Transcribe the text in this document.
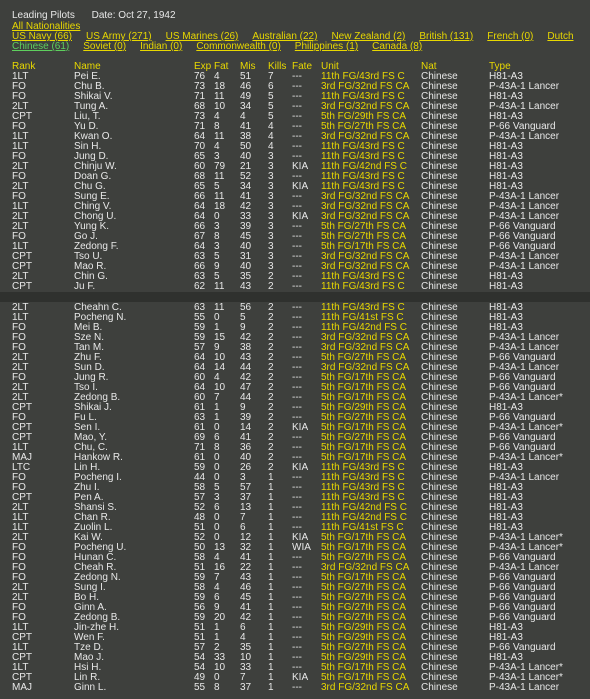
Leading Pilots Date: Oct 27, 1942
All Nationalities
US Navy (66) US Army (271) US Marines (26) Australian (22) New Zealand (2) British (131) French (0) Dutch
Chinese (61) Soviet (0) Indian (0) Commonwealth (0) Philippines (1) Canada (8)
Rank	Name	Exp Fat Mis Kills Fate Unit	Nat	Type
1LT	Pei E.	76 4 51 7 --- 11th FG/43rd FS C Chinese	H81-A3
FO	Chu B.	73 18 46 6 --- 3rd FG/32nd FS CA Chinese	P-43A-1 Lancer
FO	Shikai V.	71 11 49 5 --- 11th FG/43rd FS C Chinese	H81-A3
2LT	Tung A.	68 10 34 5 --- 3rd FG/32nd FS CA Chinese	P-43A-1 Lancer
CPT	Liu, T.	73 4 4 5 --- 5th FG/29th FS CA Chinese	H81-A3
FO	Yu D.	71 8 41 4 --- 5th FG/27th FS CA Chinese	P-66 Vanguard
1LT	Kwan O.	64 11 38 4 --- 3rd FG/32nd FS CA Chinese	P-43A-1 Lancer
1LT	Sin H.	70 4 50 4 --- 11th FG/43rd FS C Chinese	H81-A3
FO	Jung D.	65 3 40 3 --- 11th FG/43rd FS C Chinese	H81-A3
2LT	Chinju W.	60 79 21 3 KIA 11th FG/42nd FS C Chinese	H81-A3
FO	Doan G.	68 11 52 3 --- 11th FG/43rd FS C Chinese	H81-A3
2LT	Chu G.	65 5 34 3 KIA 11th FG/43rd FS C Chinese	H81-A3
FO	Sung E.	66 11 41 3 --- 3rd FG/32nd FS CA Chinese	P-43A-1 Lancer
1LT	Ching V.	64 18 42 3 --- 3rd FG/32nd FS CA Chinese	P-43A-1 Lancer
2LT	Chong U.	64 0 33 3 KIA 3rd FG/32nd FS CA Chinese	P-43A-1 Lancer
2LT	Yung K.	66 3 39 3 --- 5th FG/27th FS CA Chinese	P-66 Vanguard
FO	Go J.	67 8 45 3 --- 5th FG/27th FS CA Chinese	P-66 Vanguard
1LT	Zedong F.	64 3 40 3 --- 5th FG/17th FS CA Chinese	P-66 Vanguard
CPT	Tso U.	63 5 31 3 --- 3rd FG/32nd FS CA Chinese	P-43A-1 Lancer
CPT	Mao R.	66 9 40 3 --- 3rd FG/32nd FS CA Chinese	P-43A-1 Lancer
2LT	Chin G.	63 5 35 2 --- 11th FG/43rd FS C Chinese	H81-A3
CPT	Ju F.	62 11 43 2 --- 11th FG/43rd FS C Chinese	H81-A3
2LT	Cheahn C.	63 11 56 2 --- 11th FG/43rd FS C Chinese	H81-A3
1LT	Pocheng N.	55 0 5 2 --- 11th FG/41st FS C Chinese	H81-A3
FO	Mei B.	59 1 9 2 --- 11th FG/42nd FS C Chinese	H81-A3
FO	Sze N.	59 15 42 2 --- 3rd FG/32nd FS CA Chinese	P-43A-1 Lancer
FO	Tan M.	57 9 38 2 --- 3rd FG/32nd FS CA Chinese	P-43A-1 Lancer
2LT	Zhu F.	64 10 43 2 --- 5th FG/27th FS CA Chinese	P-66 Vanguard
2LT	Sun D.	64 14 44 2 --- 3rd FG/32nd FS CA Chinese	P-43A-1 Lancer
FO	Jung R.	60 4 42 2 --- 5th FG/17th FS CA Chinese	P-66 Vanguard
2LT	Tso I.	64 10 47 2 --- 5th FG/17th FS CA Chinese	P-66 Vanguard
2LT	Zedong B.	60 7 44 2 --- 5th FG/17th FS CA Chinese	P-43A-1 Lancer*
CPT	Shikai J.	61 1 9 2 --- 5th FG/29th FS CA Chinese	H81-A3
FO	Fu L.	63 1 39 2 --- 5th FG/27th FS CA Chinese	P-66 Vanguard
CPT	Sen I.	61 0 14 2 KIA 5th FG/17th FS CA Chinese	P-43A-1 Lancer*
CPT	Mao, Y.	69 6 41 2 --- 5th FG/27th FS CA Chinese	P-66 Vanguard
1LT	Chu, C.	71 8 36 2 --- 5th FG/17th FS CA Chinese	P-66 Vanguard
MAJ	Hankow R.	61 0 40 2 --- 5th FG/17th FS CA Chinese	P-43A-1 Lancer*
LTC	Lin H.	59 0 26 2 KIA 11th FG/43rd FS C Chinese	H81-A3
FO	Pocheng I.	44 0 3 1 --- 11th FG/43rd FS C Chinese	P-43A-1 Lancer
FO	Zhu I.	58 5 57 1 --- 11th FG/43rd FS C Chinese	H81-A3
CPT	Pen A.	57 3 37 1 --- 11th FG/43rd FS C Chinese	H81-A3
2LT	Shansi S.	52 6 13 1 --- 11th FG/42nd FS C Chinese	H81-A3
1LT	Chan R.	48 0 7 1 --- 11th FG/42nd FS C Chinese	H81-A3
1LT	Zuolin L.	51 0 6 1 --- 11th FG/41st FS C Chinese	H81-A3
2LT	Kai W.	52 0 12 1 KIA 5th FG/17th FS CA Chinese	P-43A-1 Lancer*
FO	Pocheng U.	50 13 32 1 WIA 5th FG/17th FS CA Chinese	P-43A-1 Lancer*
FO	Hunan C.	58 4 41 1 --- 5th FG/27th FS CA Chinese	P-66 Vanguard
FO	Cheah R.	51 16 22 1 --- 3rd FG/32nd FS CA Chinese	P-43A-1 Lancer
FO	Zedong N.	59 7 43 1 --- 5th FG/17th FS CA Chinese	P-66 Vanguard
2LT	Sung I.	58 4 46 1 --- 5th FG/27th FS CA Chinese	P-66 Vanguard
2LT	Bo H.	59 6 45 1 --- 5th FG/27th FS CA Chinese	P-66 Vanguard
FO	Ginn A.	56 9 41 1 --- 5th FG/27th FS CA Chinese	P-66 Vanguard
FO	Zedong B.	59 20 42 1 --- 5th FG/27th FS CA Chinese	P-66 Vanguard
1LT	Jin-zhe H.	51 1 6 1 --- 5th FG/29th FS CA Chinese	H81-A3
CPT	Wen F.	51 1 4 1 --- 5th FG/29th FS CA Chinese	H81-A3
1LT	Tze D.	57 2 35 1 --- 5th FG/27th FS CA Chinese	P-66 Vanguard
CPT	Mao J.	54 33 10 1 --- 5th FG/29th FS CA Chinese	H81-A3
1LT	Hsi H.	54 10 33 1 --- 5th FG/17th FS CA Chinese	P-43A-1 Lancer*
CPT	Lin R.	49 0 7 1 KIA 5th FG/17th FS CA Chinese	P-43A-1 Lancer*
MAJ	Ginn L.	55 8 37 1 --- 3rd FG/32nd FS CA Chinese	P-43A-1 Lancer
